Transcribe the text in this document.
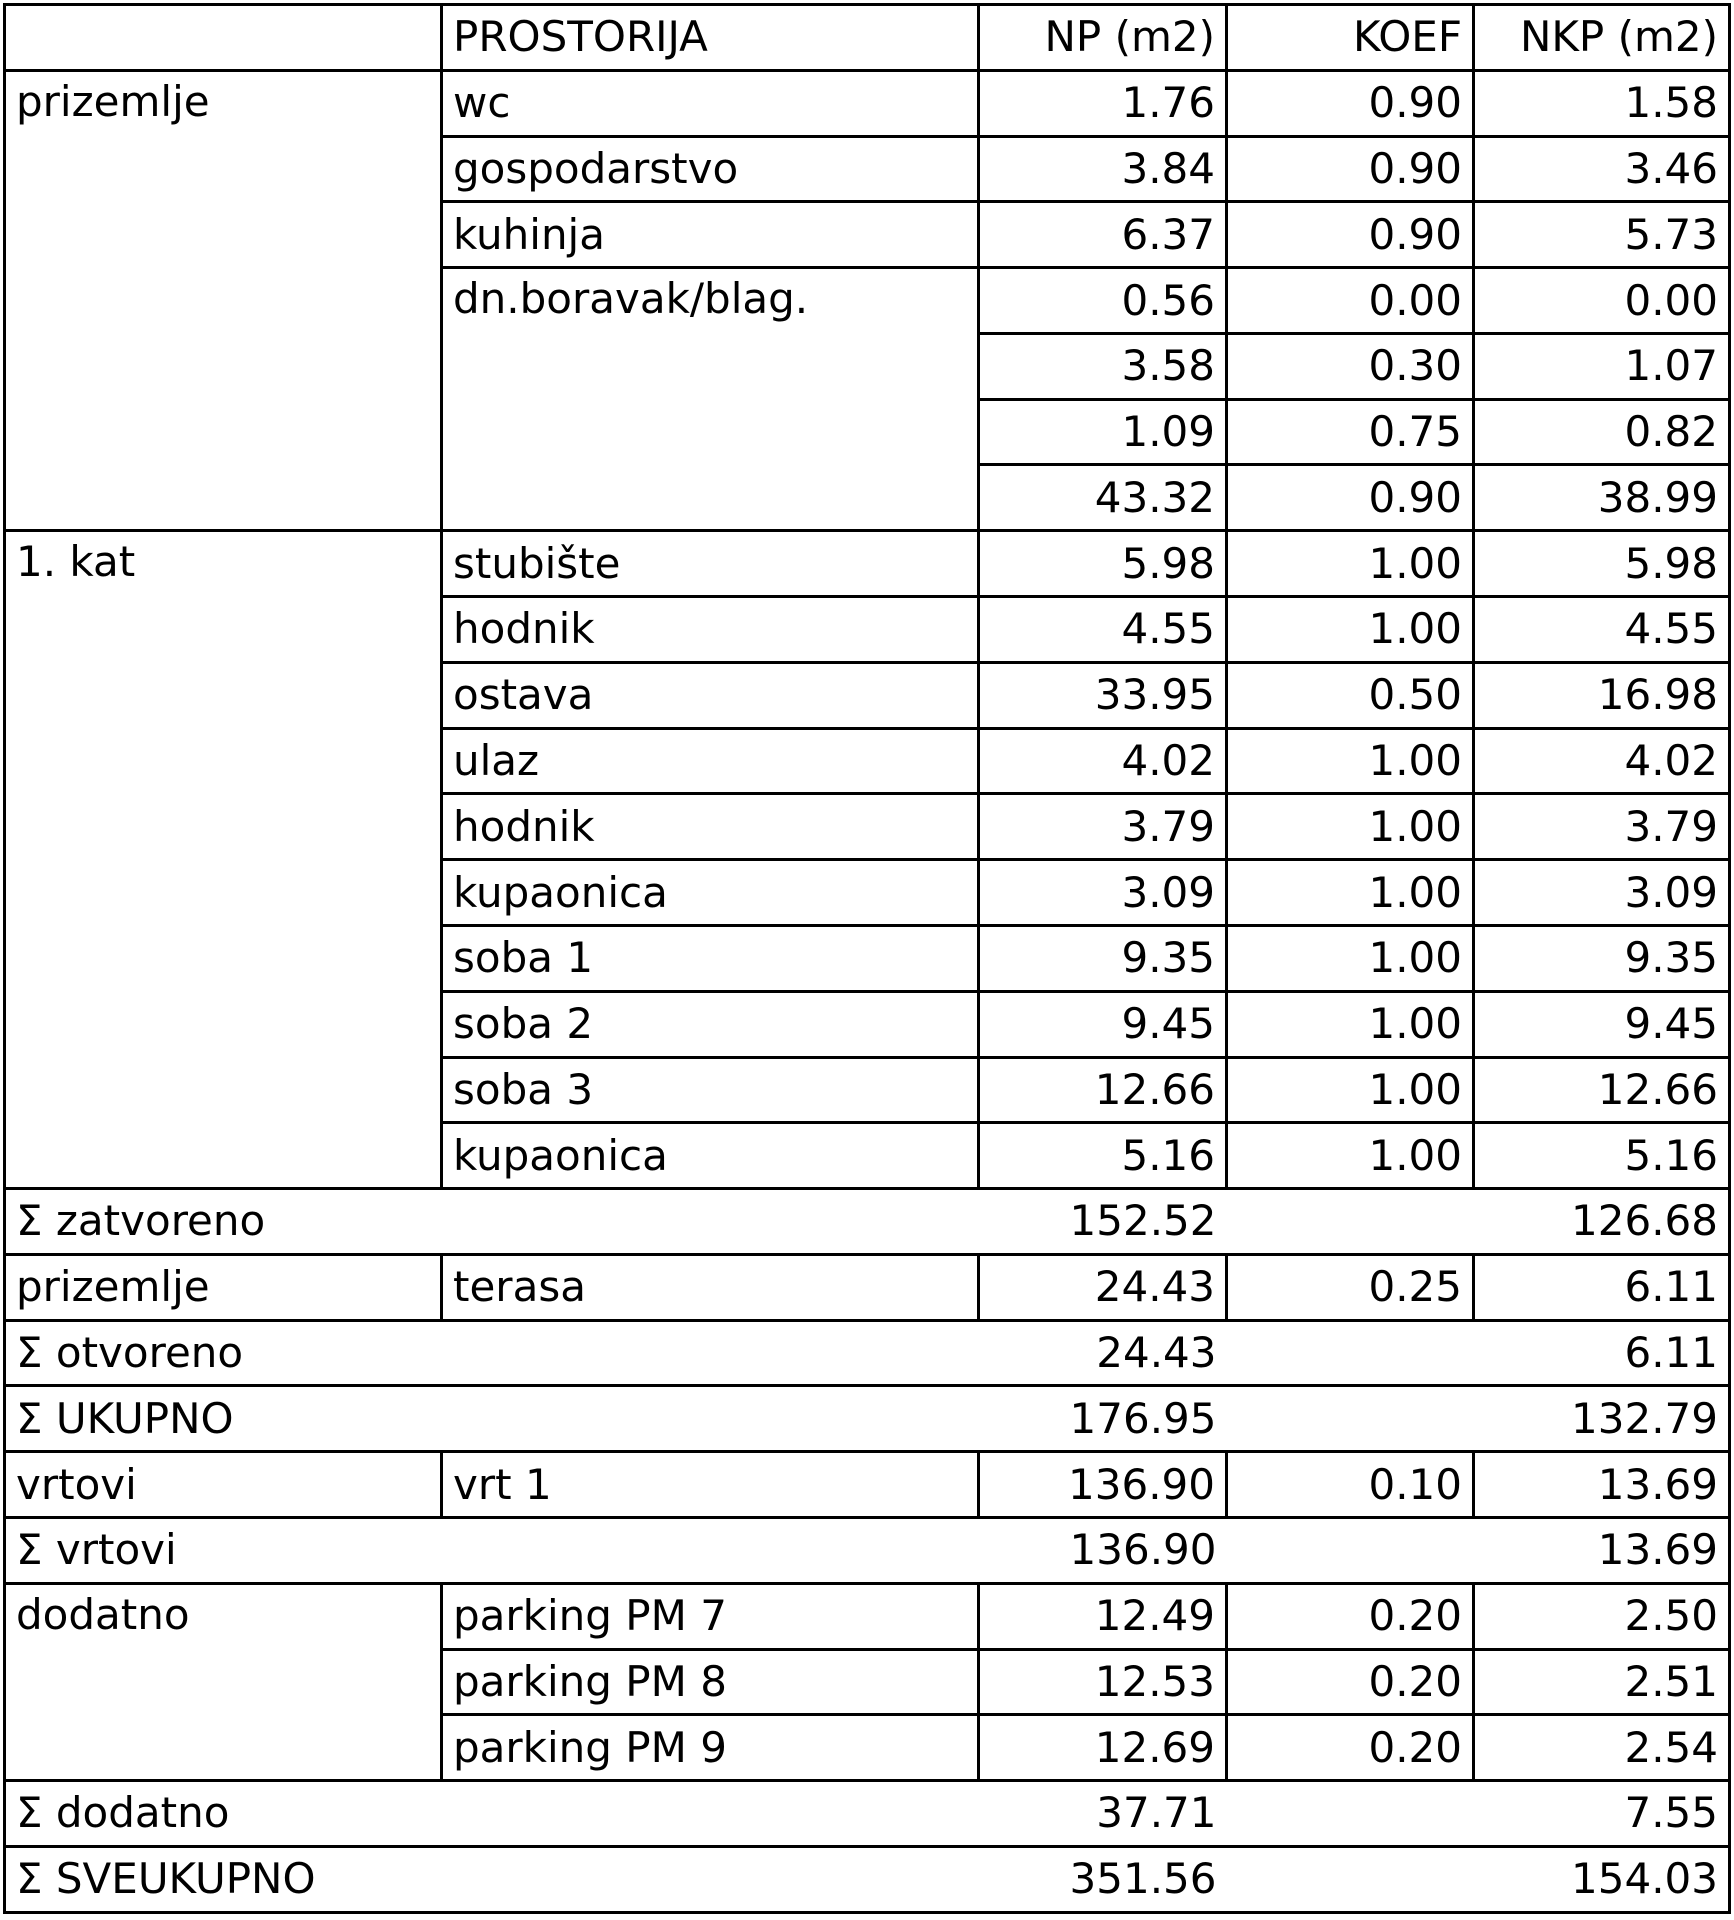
	PROSTORIJA	NP (m2)	KOEF	NKP (m2)
prizemlje	wc	1.76	0.90	1.58
	gospodarstvo	3.84	0.90	3.46
	kuhinja	6.37	0.90	5.73
	dn.boravak/blag.	0.56	0.00	0.00
		3.58	0.30	1.07
		1.09	0.75	0.82
		43.32	0.90	38.99
1. kat	stubište	5.98	1.00	5.98
	hodnik	4.55	1.00	4.55
	ostava	33.95	0.50	16.98
	ulaz	4.02	1.00	4.02
	hodnik	3.79	1.00	3.79
	kupaonica	3.09	1.00	3.09
	soba 1	9.35	1.00	9.35
	soba 2	9.45	1.00	9.45
	soba 3	12.66	1.00	12.66
	kupaonica	5.16	1.00	5.16
Σ zatvoreno		152.52		126.68
prizemlje	terasa	24.43	0.25	6.11
Σ otvoreno		24.43		6.11
Σ UKUPNO		176.95		132.79
vrtovi	vrt 1	136.90	0.10	13.69
Σ vrtovi		136.90		13.69
dodatno	parking PM 7	12.49	0.20	2.50
	parking PM 8	12.53	0.20	2.51
	parking PM 9	12.69	0.20	2.54
Σ dodatno		37.71		7.55
Σ SVEUKUPNO		351.56		154.03
